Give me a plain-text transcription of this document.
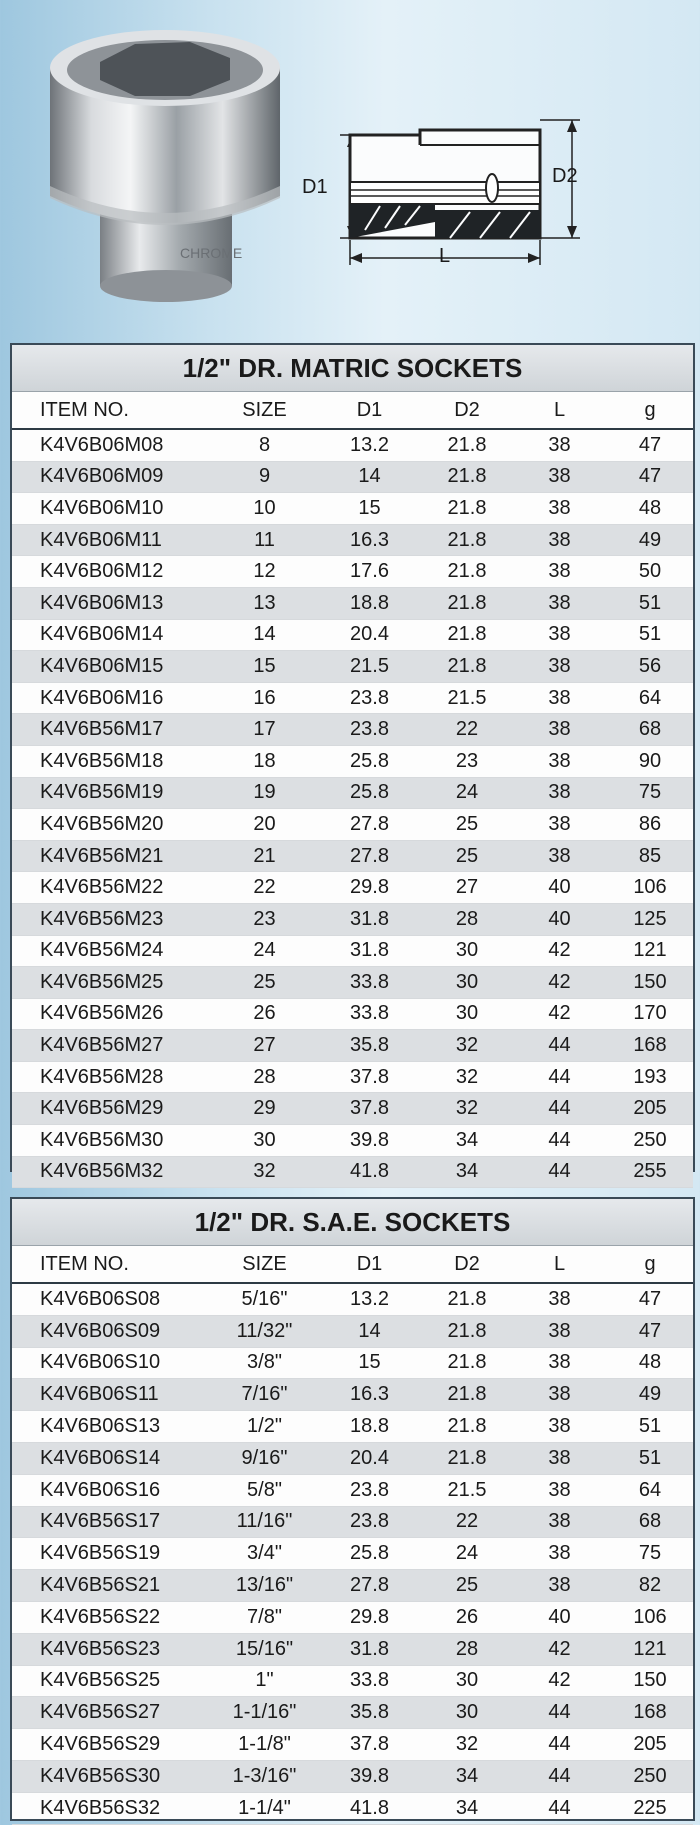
CHROME
D1	D2
L
1/2" DR. MATRIC SOCKETS
ITEM NO.	SIZE	D1	D2	L	g
K4V6B06M08	8	13.2	21.8	38	47
K4V6B06M09	9	14	21.8	38	47
K4V6B06M10	10	15	21.8	38	48
K4V6B06M11	11	16.3	21.8	38	49
K4V6B06M12	12	17.6	21.8	38	50
K4V6B06M13	13	18.8	21.8	38	51
K4V6B06M14	14	20.4	21.8	38	51
K4V6B06M15	15	21.5	21.8	38	56
K4V6B06M16	16	23.8	21.5	38	64
K4V6B56M17	17	23.8	22	38	68
K4V6B56M18	18	25.8	23	38	90
K4V6B56M19	19	25.8	24	38	75
K4V6B56M20	20	27.8	25	38	86
K4V6B56M21	21	27.8	25	38	85
K4V6B56M22	22	29.8	27	40	106
K4V6B56M23	23	31.8	28	40	125
K4V6B56M24	24	31.8	30	42	121
K4V6B56M25	25	33.8	30	42	150
K4V6B56M26	26	33.8	30	42	170
K4V6B56M27	27	35.8	32	44	168
K4V6B56M28	28	37.8	32	44	193
K4V6B56M29	29	37.8	32	44	205
K4V6B56M30	30	39.8	34	44	250
K4V6B56M32	32	41.8	34	44	255
1/2" DR. S.A.E. SOCKETS
ITEM NO.	SIZE	D1	D2	L	g
K4V6B06S08	5/16"	13.2	21.8	38	47
K4V6B06S09	11/32"	14	21.8	38	47
K4V6B06S10	3/8"	15	21.8	38	48
K4V6B06S11	7/16"	16.3	21.8	38	49
K4V6B06S13	1/2"	18.8	21.8	38	51
K4V6B06S14	9/16"	20.4	21.8	38	51
K4V6B06S16	5/8"	23.8	21.5	38	64
K4V6B56S17	11/16"	23.8	22	38	68
K4V6B56S19	3/4"	25.8	24	38	75
K4V6B56S21	13/16"	27.8	25	38	82
K4V6B56S22	7/8"	29.8	26	40	106
K4V6B56S23	15/16"	31.8	28	42	121
K4V6B56S25	1"	33.8	30	42	150
K4V6B56S27	1-1/16"	35.8	30	44	168
K4V6B56S29	1-1/8"	37.8	32	44	205
K4V6B56S30	1-3/16"	39.8	34	44	250
K4V6B56S32	1-1/4"	41.8	34	44	225
